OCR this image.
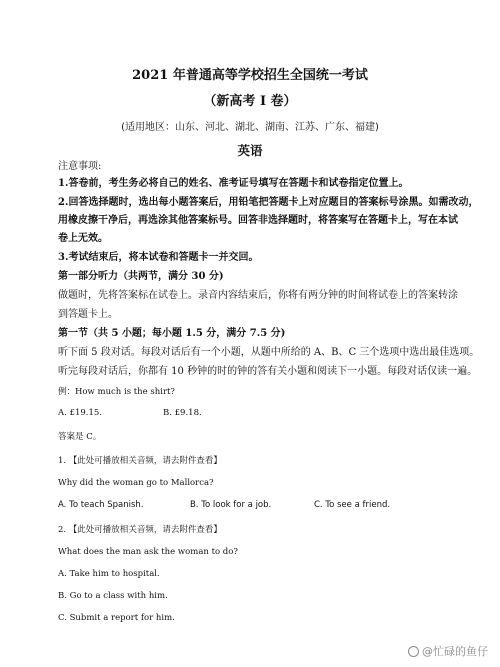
2021 年普通高等学校招生全国统一考试
（新高考 I 卷）
(适用地区：山东、河北、湖北、湖南、江苏、广东、福建)
英语
注意事项:
1.答卷前，考生务必将自己的姓名、准考证号填写在答题卡和试卷指定位置上。
2.回答选择题时，选出每小题答案后，用铅笔把答题卡上对应题目的答案标号涂黑。如需改动，
用橡皮擦干净后，再选涂其他答案标号。回答非选择题时，将答案写在答题卡上，写在本试
卷上无效。
3.考试结束后，将本试卷和答题卡一并交回。
第一部分听力（共两节，满分 30 分)
做题时，先将答案标在试卷上。录音内容结束后，你将有两分钟的时间将试卷上的答案转涂
到答题卡上。
第一节（共 5 小题；每小题 1.5 分，满分 7.5 分)
听下面 5 段对话。每段对话后有一个小题，从题中所给的 A、B、C 三个选项中选出最佳选项。
听完每段对话后，你都有 10 秒钟的时的钟的答有关小题和阅读下一小题。每段对话仅读一遍。
例：How much is the shirt?
A. £19.15.	B. £9.18.
答案是 C。
1. 【此处可播放相关音频，请去附件查看】
Why did the woman go to Mallorca?
A. To teach Spanish.	B. To look for a job.	C. To see a friend.
2. 【此处可播放相关音频，请去附件查看】
What does the man ask the woman to do?
A. Take him to hospital.
B. Go to a class with him.
C. Submit a report for him.
@忙碌的鱼仔
